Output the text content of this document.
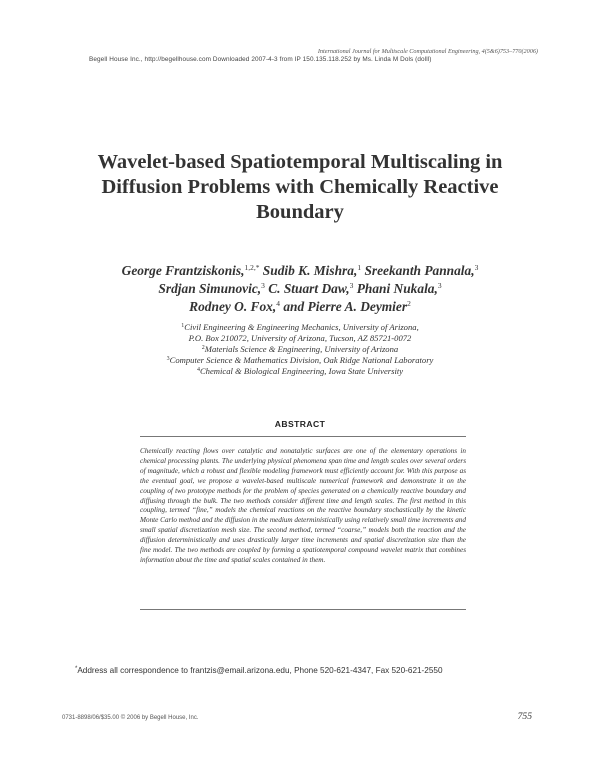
International Journal for Multiscale Computational Engineering, 4(5&6)753–770(2006)
Begell House Inc., http://begellhouse.com Downloaded 2007-4-3 from IP 150.135.118.252 by Ms. Linda M Dols (dolll)
Wavelet-based Spatiotemporal Multiscaling in Diffusion Problems with Chemically Reactive Boundary
George Frantziskonis,$^{1,2,*}$ Sudib K. Mishra,$^1$ Sreekanth Pannala,$^3$
Srdjan Simunovic,$^3$ C. Stuart Daw,$^3$ Phani Nukala,$^3$
Rodney O. Fox,$^4$ and Pierre A. Deymier$^2$
$^1$Civil Engineering & Engineering Mechanics, University of Arizona,
P.O. Box 210072, University of Arizona, Tucson, AZ 85721-0072
$^2$Materials Science & Engineering, University of Arizona
$^3$Computer Science & Mathematics Division, Oak Ridge National Laboratory
$^4$Chemical & Biological Engineering, Iowa State University
ABSTRACT
Chemically reacting flows over catalytic and nonatalytic surfaces are one of the elementary operations in chemical processing plants. The underlying physical phenomena span time and length scales over several orders of magnitude, which a robust and flexible modeling framework must efficiently account for. With this purpose as the eventual goal, we propose a wavelet-based multiscale numerical framework and demonstrate it on the coupling of two prototype methods for the problem of species generated on a chemically reactive boundary and diffusing through the bulk. The two methods consider different time and length scales. The first method in this coupling, termed “fine,” models the chemical reactions on the reactive boundary stochastically by the kinetic Monte Carlo method and the diffusion in the medium deterministically using relatively small time increments and small spatial discretization mesh size. The second method, termed “coarse,” models both the reaction and the diffusion deterministically and uses drastically larger time increments and spatial discretization size than the fine model. The two methods are coupled by forming a spatiotemporal compound wavelet matrix that combines information about the time and spatial scales contained in them.
*Address all correspondence to frantzis@email.arizona.edu, Phone 520-621-4347, Fax 520-621-2550
0731-8898/06/$35.00 © 2006 by Begell House, Inc.	755
